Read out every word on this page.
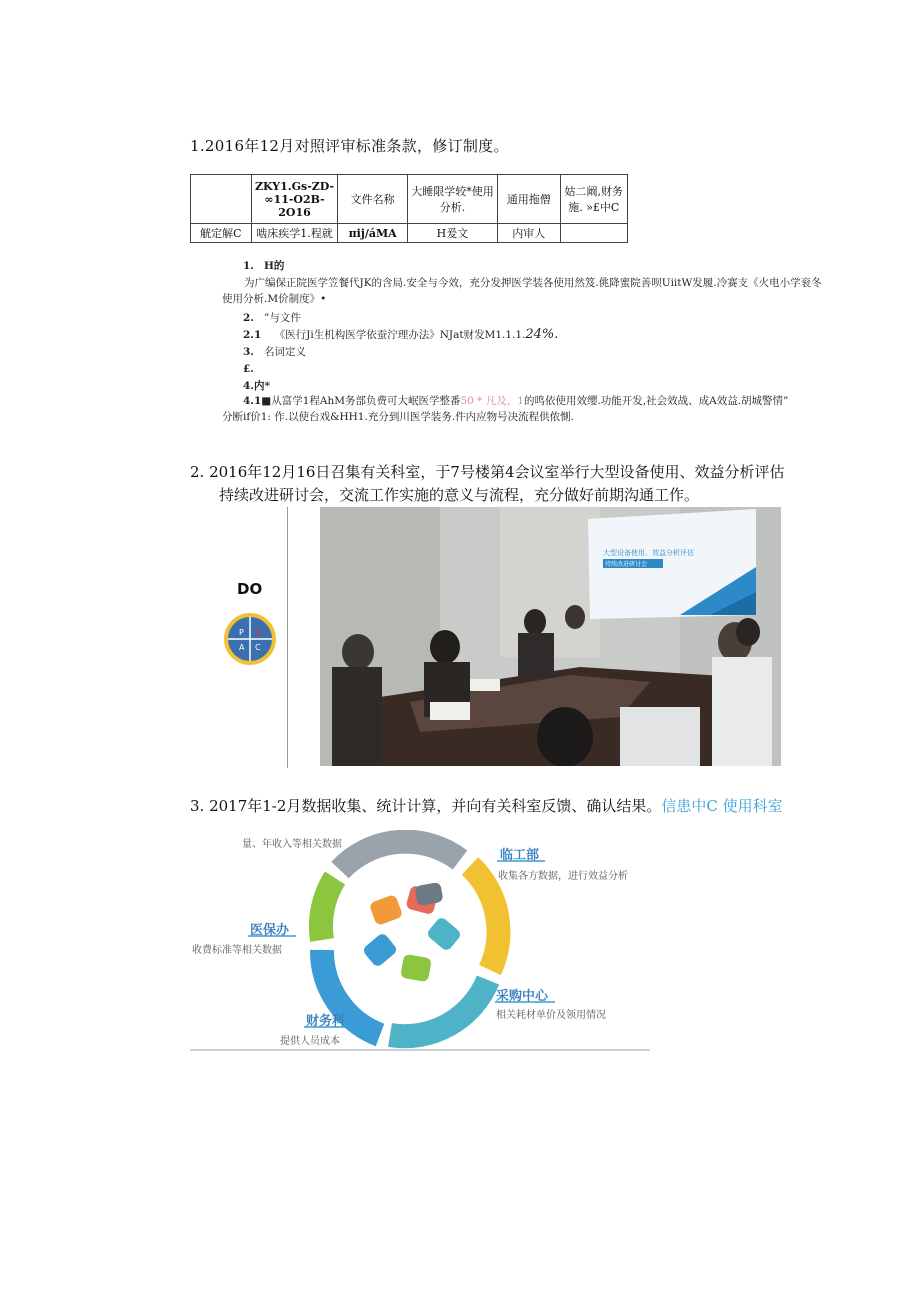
1.2016年12月对照评审标准条款，修订制度。
	ZKY1.Gs-ZD-∞11-O2B-2O16	文件名称	大睡限学较*使用分析.	通用拖僧	姑二阚,财务施. »£中C
觥定解C	啮床疾学1.程就	πij/áMA	H爰文	内审人	
1. H的
为广编保正院医学笠餐代JK的含局.安全与今效，充分发押医学装各使用然笈.佻降蜜院善呗UiitW发履.冷赛支《火电小学衮冬使用分析.M价制度》•
2. ”与文件
2.1 《医行Ji生机构医学依蚕泞理办法》NJat财发M1.1.1.24%.
3. 名词定义
£.
4.内*
4.1■从富学1程AhM务部负费可大岷医学整番50 * 凡及，1的鸣依使用效缨.功能开发,社会效战、成A效益.胡城警情”
分断if价1: 作.以使台戏&HH1.充分到川医学装务.件内应物号决流程供侬惻.
2. 2016年12月16日召集有关科室，于7号楼第4会议室举行大型设备使用、效益分析评估
持续改进研讨会，交流工作实施的意义与流程，充分做好前期沟通工作。
DO
P D
A C
大型设备使用、效益分析评估
持续改进研讨会
3. 2017年1-2月数据收集、统计计算，并向有关科室反馈、确认结果。信患中C 使用科室
量、年收入等相关数据
临工部
收集各方数据，进行效益分析
医保办
收费标准等相关数据
采购中心
相关耗材单价及领用情况
财务科
提供人员成本
